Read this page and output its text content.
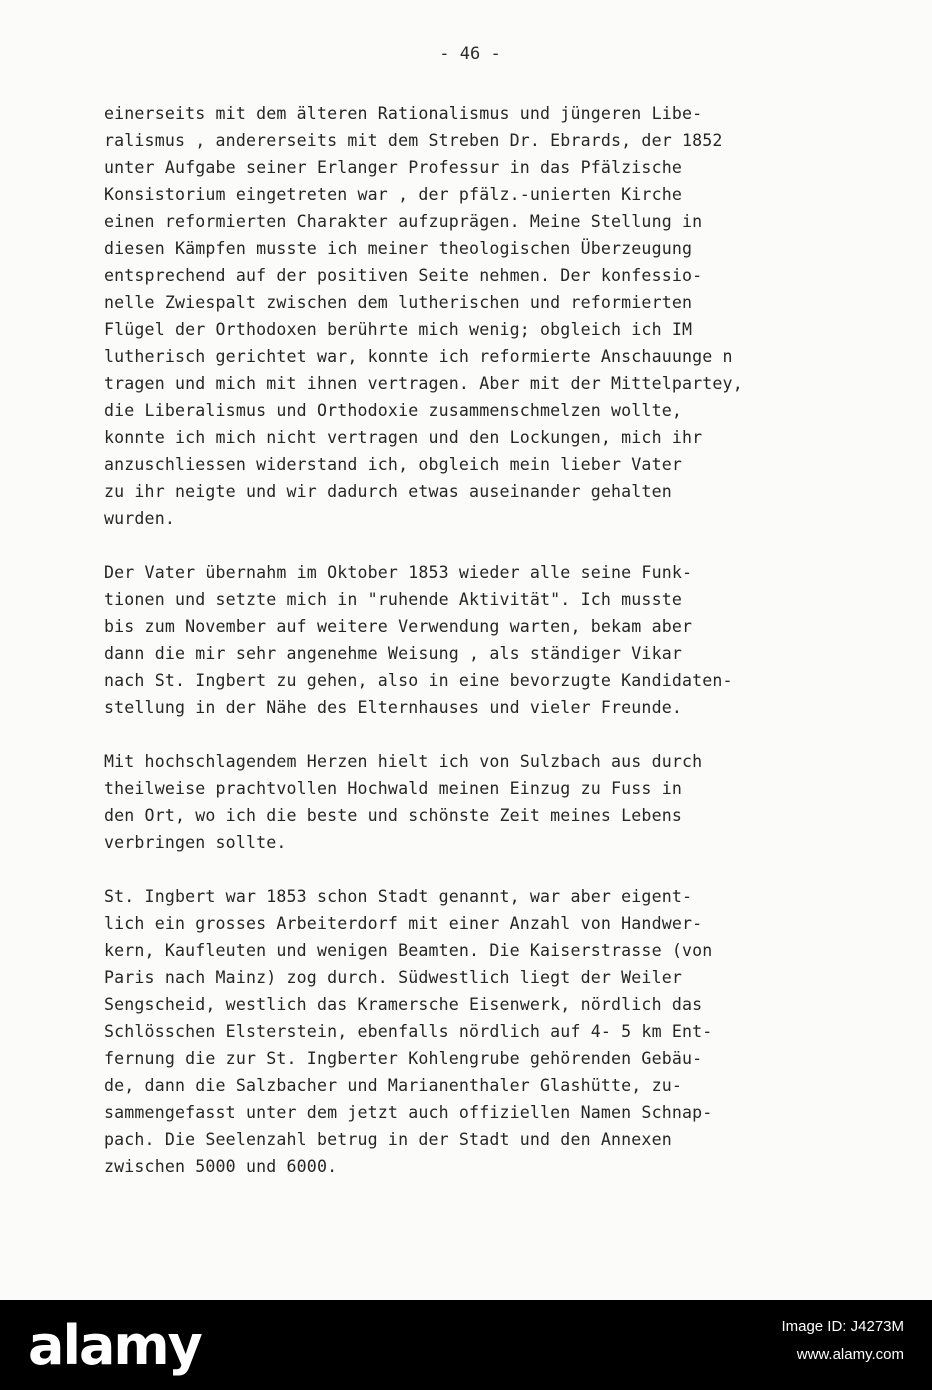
- 46 -
einerseits mit dem älteren Rationalismus und jüngeren Libe-
ralismus , andererseits mit dem Streben Dr. Ebrards, der 1852
unter Aufgabe seiner Erlanger Professur in das Pfälzische
Konsistorium eingetreten war , der pfälz.-unierten Kirche
einen reformierten Charakter aufzuprägen. Meine Stellung in
diesen Kämpfen musste ich meiner theologischen Überzeugung
entsprechend auf der positiven Seite nehmen. Der konfessio-
nelle Zwiespalt zwischen dem lutherischen und reformierten
Flügel der Orthodoxen berührte mich wenig; obgleich ich IM
lutherisch gerichtet war, konnte ich reformierte Anschauunge n
tragen und mich mit ihnen vertragen. Aber mit der Mittelpartey,
die Liberalismus und Orthodoxie zusammenschmelzen wollte,
konnte ich mich nicht vertragen und den Lockungen, mich ihr
anzuschliessen widerstand ich, obgleich mein lieber Vater
zu ihr neigte und wir dadurch etwas auseinander gehalten
wurden.
Der Vater übernahm im Oktober 1853 wieder alle seine Funk-
tionen und setzte mich in "ruhende Aktivität". Ich musste
bis zum November auf weitere Verwendung warten, bekam aber
dann die mir sehr angenehme Weisung , als ständiger Vikar
nach St. Ingbert zu gehen, also in eine bevorzugte Kandidaten-
stellung in der Nähe des Elternhauses und vieler Freunde.
Mit hochschlagendem Herzen hielt ich von Sulzbach aus durch
theilweise prachtvollen Hochwald meinen Einzug zu Fuss in
den Ort, wo ich die beste und schönste Zeit meines Lebens
verbringen sollte.
St. Ingbert war 1853 schon Stadt genannt, war aber eigent-
lich ein grosses Arbeiterdorf mit einer Anzahl von Handwer-
kern, Kaufleuten und wenigen Beamten. Die Kaiserstrasse (von
Paris nach Mainz) zog durch. Südwestlich liegt der Weiler
Sengscheid, westlich das Kramersche Eisenwerk, nördlich das
Schlösschen Elsterstein, ebenfalls nördlich auf 4- 5 km Ent-
fernung die zur St. Ingberter Kohlengrube gehörenden Gebäu-
de, dann die Salzbacher und Marianenthaler Glashütte, zu-
sammengefasst unter dem jetzt auch offiziellen Namen Schnap-
pach. Die Seelenzahl betrug in der Stadt und den Annexen
zwischen 5000 und 6000.
alamy	Image ID: J4273M
www.alamy.com
